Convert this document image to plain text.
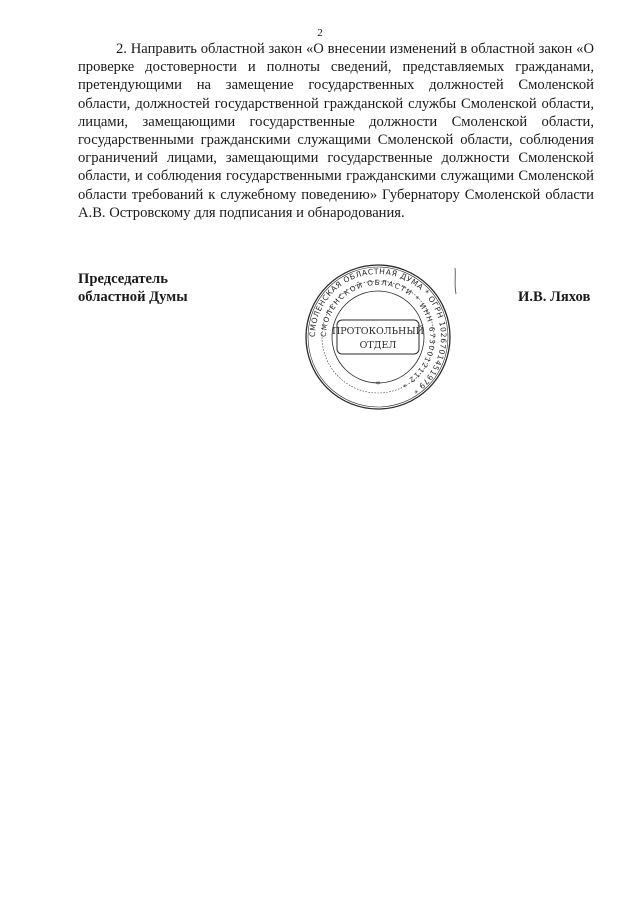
2

2. Направить областной закон «О внесении изменений в областной закон «О проверке достоверности и полноты сведений, представляемых гражданами, претендующими на замещение государственных должностей Смоленской области, должностей государственной гражданской службы Смоленской области, лицами, замещающими государственные должности Смоленской области, государственными гражданскими служащими Смоленской области, соблюдения ограничений лицами, замещающими государственные должности Смоленской области, и соблюдения государственными гражданскими служащими Смоленской области требований к служебному поведению» Губернатору Смоленской области А.В. Островскому для подписания и обнародования.

Председатель
областной Думы	И.В. Ляхов
СМОЛЕНСКАЯ ОБЛАСТНАЯ ДУМА * ОГРН 1026701451979 *
СМОЛЕНСКОЙ ОБЛАСТИ * ИНН 6730012112 *
ПРОТОКОЛЬНЫЙ
ОТДЕЛ
*
